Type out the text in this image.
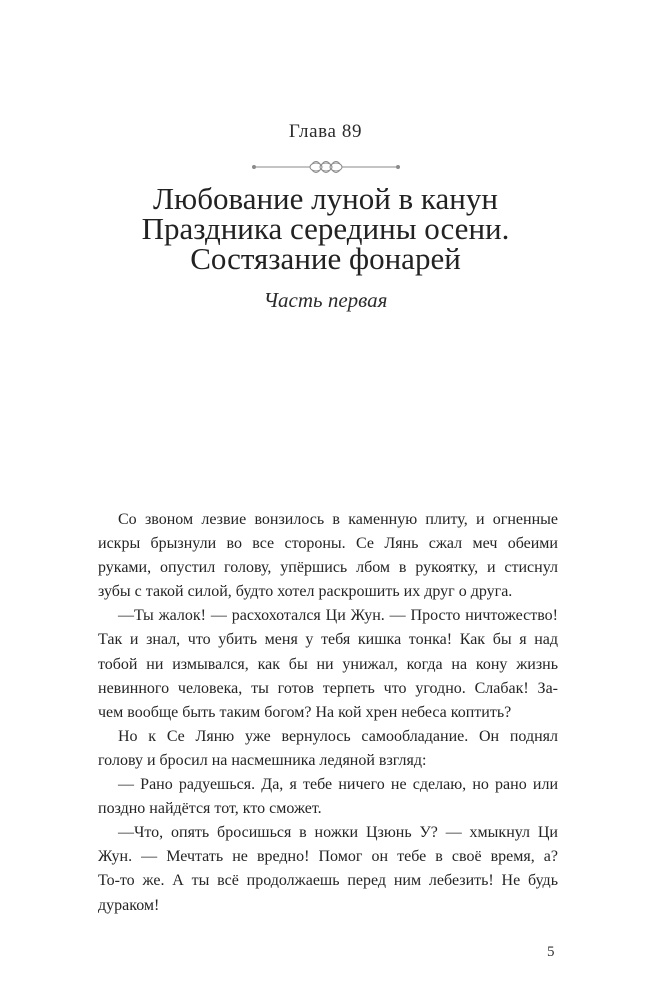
Глава 89
Любование луной в канун
Праздника середины осени.
Состязание фонарей
Часть первая
Со звоном лезвие вонзилось в каменную плиту, и огненные
искры брызнули во все стороны. Се Лянь сжал меч обеими
руками, опустил голову, упёршись лбом в рукоятку, и стиснул
зубы с такой силой, будто хотел раскрошить их друг о друга.
—Ты жалок! — расхохотался Ци Жун. — Просто ничтожество!
Так и знал, что убить меня у тебя кишка тонка! Как бы я над
тобой ни измывался, как бы ни унижал, когда на кону жизнь
невинного человека, ты готов терпеть что угодно. Слабак! За-
чем вообще быть таким богом? На кой хрен небеса коптить?
Но к Се Ляню уже вернулось самообладание. Он поднял
голову и бросил на насмешника ледяной взгляд:
— Рано радуешься. Да, я тебе ничего не сделаю, но рано или
поздно найдётся тот, кто сможет.
—Что, опять бросишься в ножки Цзюнь У? — хмыкнул Ци
Жун. — Мечтать не вредно! Помог он тебе в своё время, а?
То-то же. А ты всё продолжаешь перед ним лебезить! Не будь
дураком!
5
